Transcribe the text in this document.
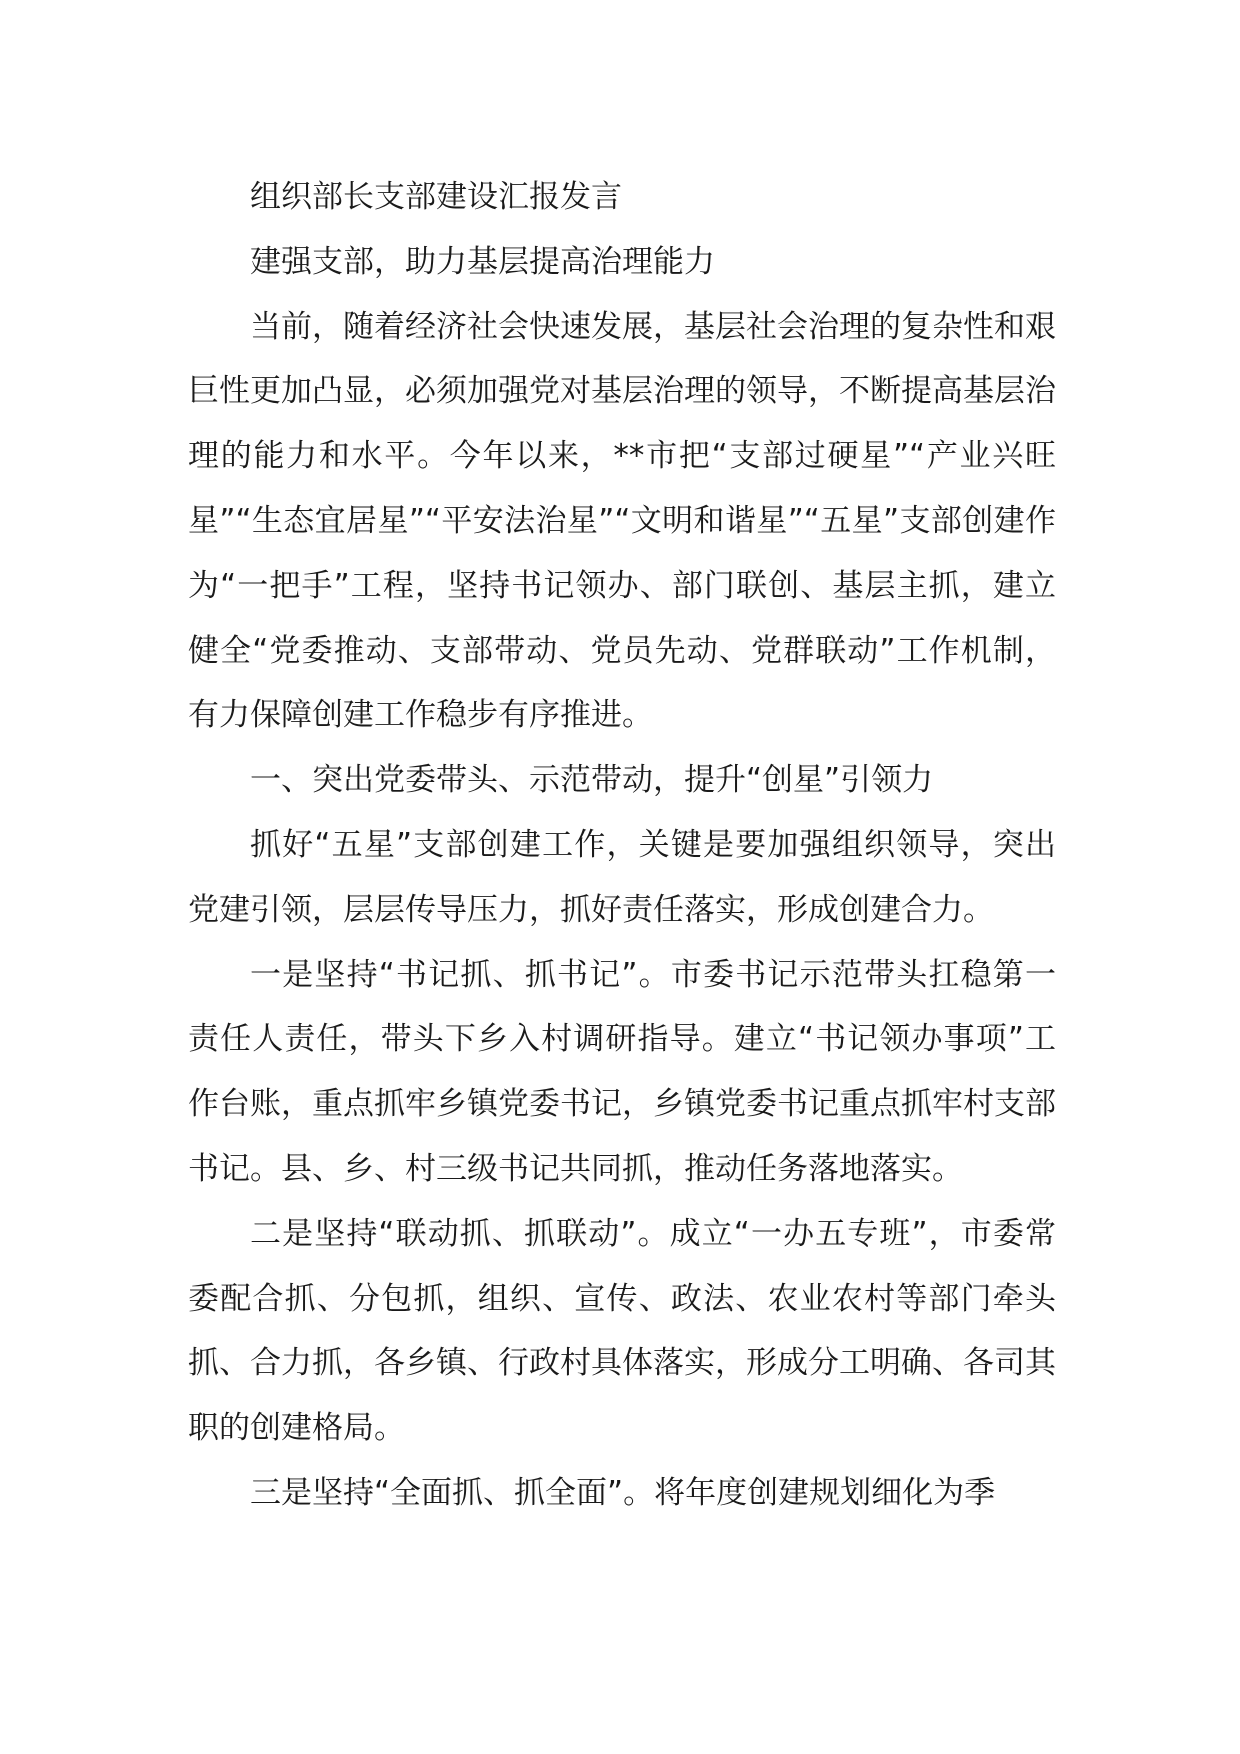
组织部长支部建设汇报发言

建强支部，助力基层提高治理能力

当前，随着经济社会快速发展，基层社会治理的复杂性和艰巨性更加凸显，必须加强党对基层治理的领导，不断提高基层治理的能力和水平。今年以来，**市把“支部过硬星”“产业兴旺星”“生态宜居星”“平安法治星”“文明和谐星”“五星”支部创建作为“一把手”工程，坚持书记领办、部门联创、基层主抓，建立健全“党委推动、支部带动、党员先动、党群联动”工作机制，有力保障创建工作稳步有序推进。

一、突出党委带头、示范带动，提升“创星”引领力

抓好“五星”支部创建工作，关键是要加强组织领导，突出党建引领，层层传导压力，抓好责任落实，形成创建合力。

一是坚持“书记抓、抓书记”。市委书记示范带头扛稳第一责任人责任，带头下乡入村调研指导。建立“书记领办事项”工作台账，重点抓牢乡镇党委书记，乡镇党委书记重点抓牢村支部书记。县、乡、村三级书记共同抓，推动任务落地落实。

二是坚持“联动抓、抓联动”。成立“一办五专班”，市委常委配合抓、分包抓，组织、宣传、政法、农业农村等部门牵头抓、合力抓，各乡镇、行政村具体落实，形成分工明确、各司其职的创建格局。

三是坚持“全面抓、抓全面”。将年度创建规划细化为季
